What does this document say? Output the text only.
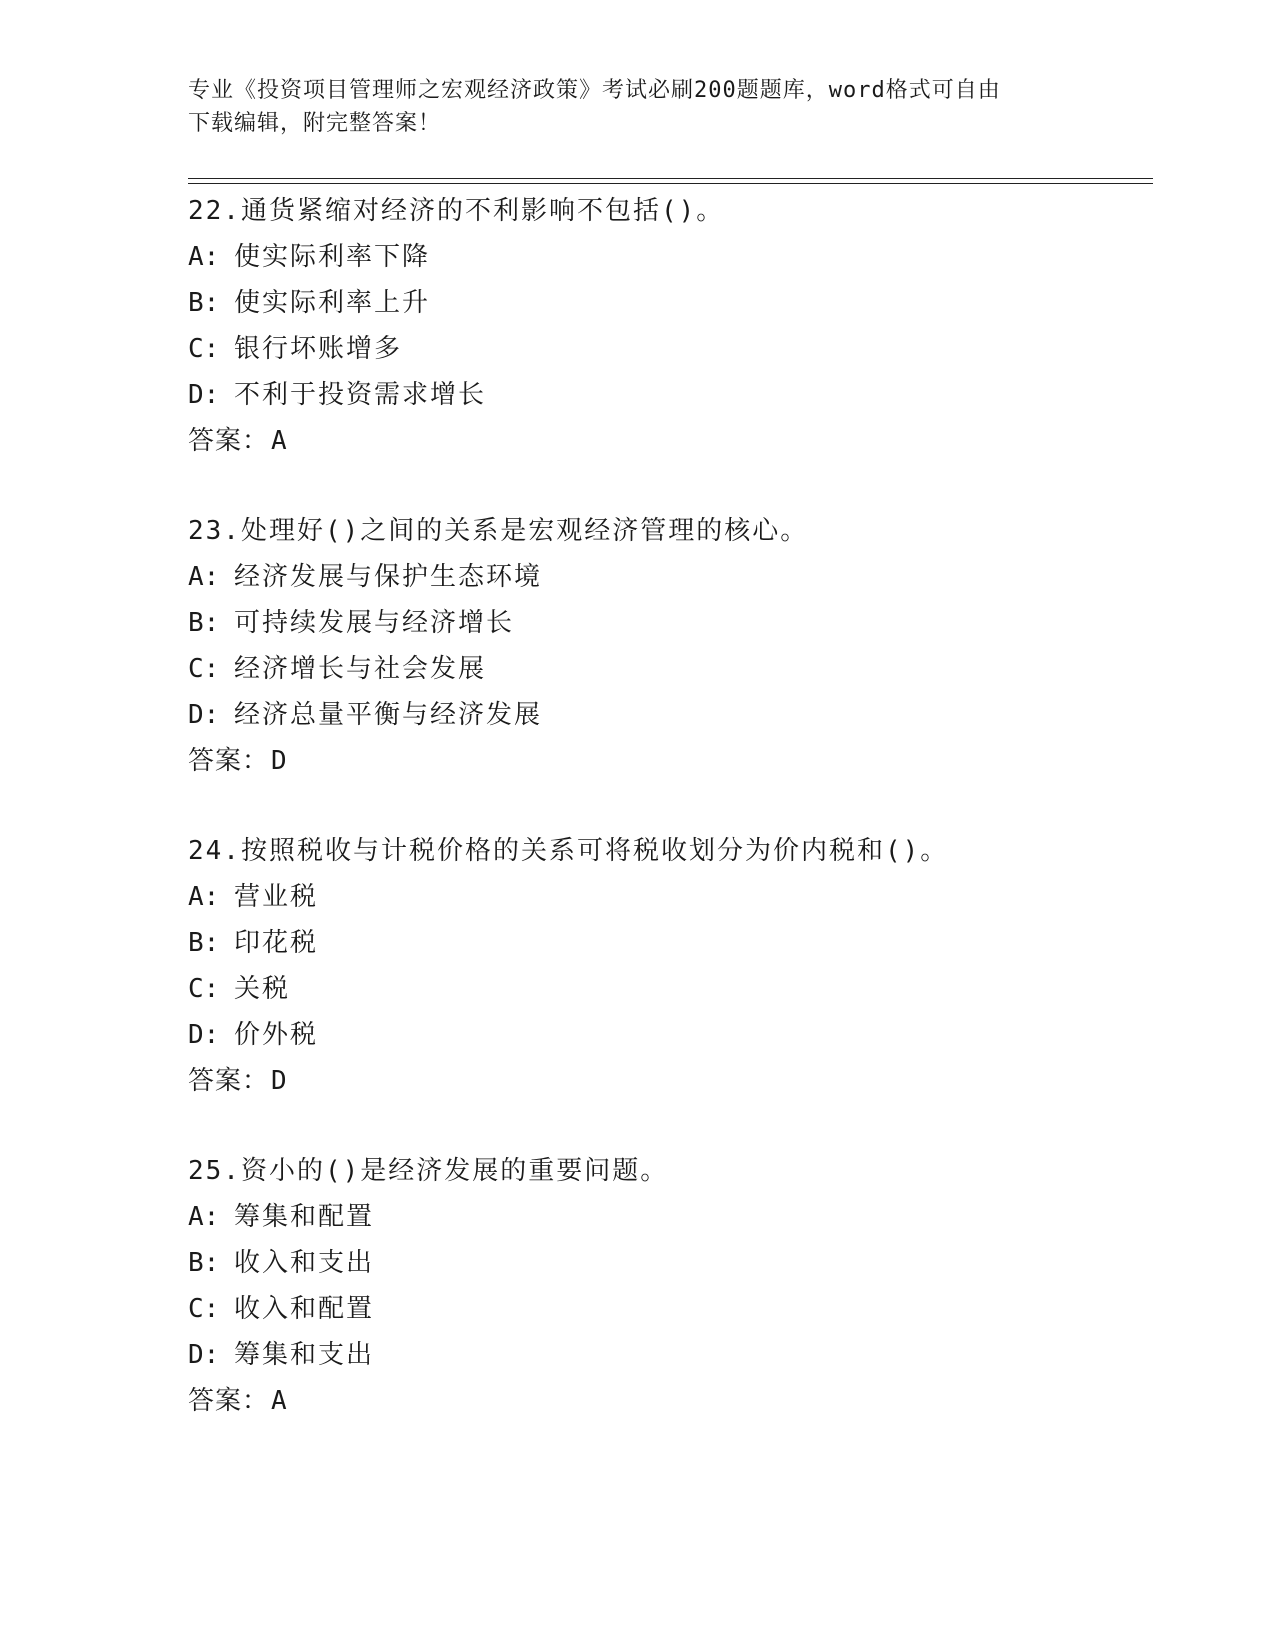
专业《投资项目管理师之宏观经济政策》考试必刷200题题库，word格式可自由
下载编辑，附完整答案！
22.通货紧缩对经济的不利影响不包括()。
A: 使实际利率下降
B: 使实际利率上升
C: 银行坏账增多
D: 不利于投资需求增长
答案：A
23.处理好()之间的关系是宏观经济管理的核心。
A: 经济发展与保护生态环境
B: 可持续发展与经济增长
C: 经济增长与社会发展
D: 经济总量平衡与经济发展
答案：D
24.按照税收与计税价格的关系可将税收划分为价内税和()。
A: 营业税
B: 印花税
C: 关税
D: 价外税
答案：D
25.资小的()是经济发展的重要问题。
A: 筹集和配置
B: 收入和支出
C: 收入和配置
D: 筹集和支出
答案：A
